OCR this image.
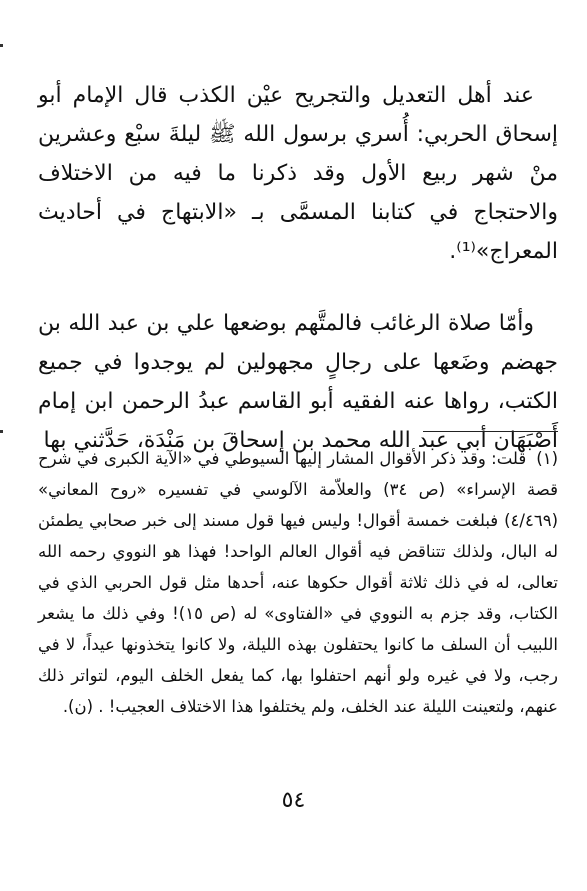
عند أهل التعديل والتجريح عيْن الكذب قال الإمام أبو إسحاق الحربي: أُسري برسول الله ﷺ ليلةَ سبْع وعشرين منْ شهر ربيع الأول وقد ذكرنا ما فيه من الاختلاف والاحتجاج في كتابنا المسمَّى بـ «الابتهاج في أحاديث المعراج»⁽¹⁾.

وأمّا صلاة الرغائب فالمتَّهم بوضعها علي بن عبد الله بن جهضم وضَعها على رجالٍ مجهولين لم يوجدوا في جميع الكتب، رواها عنه الفقيه أبو القاسم عبدُ الرحمن ابن إمام أَصْبَهَان أبي عبد الله محمد بن إسحاقَ بن مَنْدَة، حَدَّثني بها

(١)قلت: وقد ذكر الأقوال المشار إليها السيوطي في «الآية الكبرى في شرح قصة الإسراء» (ص ٣٤) والعلاّمة الآلوسي في تفسيره «روح المعاني» (٤/٤٦٩) فبلغت خمسة أقوال! وليس فيها قول مسند إلى خبر صحابي يطمئن له البال، ولذلك تتناقض فيه أقوال العالم الواحد! فهذا هو النووي رحمه الله تعالى، له في ذلك ثلاثة أقوال حكوها عنه، أحدها مثل قول الحربي الذي في الكتاب، وقد جزم به النووي في «الفتاوى» له (ص ١٥)! وفي ذلك ما يشعر اللبيب أن السلف ما كانوا يحتفلون بهذه الليلة، ولا كانوا يتخذونها عيداً، لا في رجب، ولا في غيره ولو أنهم احتفلوا بها، كما يفعل الخلف اليوم، لتواتر ذلك عنهم، ولتعينت الليلة عند الخلف، ولم يختلفوا هذا الاختلاف العجيب! . (ن).
٥٤
